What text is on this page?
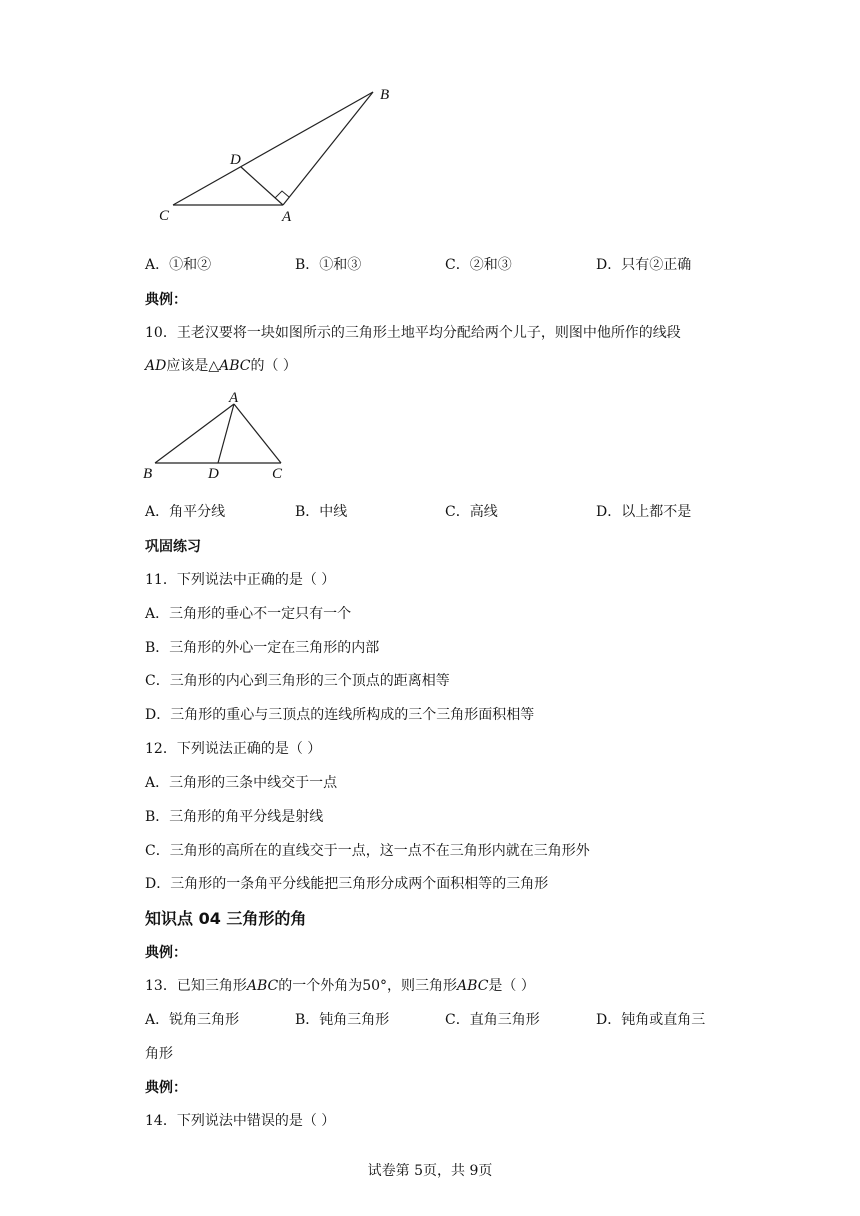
B
D
C	A
A．①和②	B．①和③	C．②和③	D．只有②正确
典例：
10．王老汉要将一块如图所示的三角形土地平均分配给两个儿子，则图中他所作的线段
AD应该是△ABC的（ ）
A
B	D	C
A．角平分线	B．中线	C．高线	D．以上都不是
巩固练习
11．下列说法中正确的是（ ）
A．三角形的垂心不一定只有一个
B．三角形的外心一定在三角形的内部
C．三角形的内心到三角形的三个顶点的距离相等
D．三角形的重心与三顶点的连线所构成的三个三角形面积相等
12．下列说法正确的是（ ）
A．三角形的三条中线交于一点
B．三角形的角平分线是射线
C．三角形的高所在的直线交于一点，这一点不在三角形内就在三角形外
D．三角形的一条角平分线能把三角形分成两个面积相等的三角形
知识点 04 三角形的角
典例：
13．已知三角形ABC的一个外角为50°，则三角形ABC是（ ）
A．锐角三角形	B．钝角三角形	C．直角三角形	D．钝角或直角三
角形
典例：
14．下列说法中错误的是（ ）
试卷第 5页，共 9页
